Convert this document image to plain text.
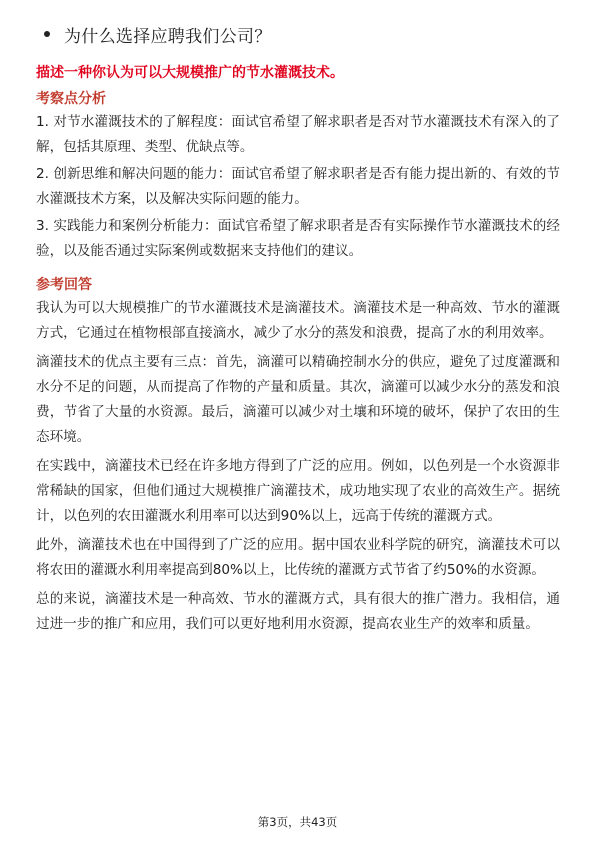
为什么选择应聘我们公司？
描述一种你认为可以大规模推广的节水灌溉技术。
考察点分析

1. 对节水灌溉技术的了解程度：面试官希望了解求职者是否对节水灌溉技术有深入的了解，包括其原理、类型、优缺点等。

2. 创新思维和解决问题的能力：面试官希望了解求职者是否有能力提出新的、有效的节水灌溉技术方案，以及解决实际问题的能力。

3. 实践能力和案例分析能力：面试官希望了解求职者是否有实际操作节水灌溉技术的经验，以及能否通过实际案例或数据来支持他们的建议。

参考回答

我认为可以大规模推广的节水灌溉技术是滴灌技术。滴灌技术是一种高效、节水的灌溉方式，它通过在植物根部直接滴水，减少了水分的蒸发和浪费，提高了水的利用效率。

滴灌技术的优点主要有三点：首先，滴灌可以精确控制水分的供应，避免了过度灌溉和水分不足的问题，从而提高了作物的产量和质量。其次，滴灌可以减少水分的蒸发和浪费，节省了大量的水资源。最后，滴灌可以减少对土壤和环境的破坏，保护了农田的生态环境。

在实践中，滴灌技术已经在许多地方得到了广泛的应用。例如，以色列是一个水资源非常稀缺的国家，但他们通过大规模推广滴灌技术，成功地实现了农业的高效生产。据统计，以色列的农田灌溉水利用率可以达到90%以上，远高于传统的灌溉方式。

此外，滴灌技术也在中国得到了广泛的应用。据中国农业科学院的研究，滴灌技术可以将农田的灌溉水利用率提高到80%以上，比传统的灌溉方式节省了约50%的水资源。

总的来说，滴灌技术是一种高效、节水的灌溉方式，具有很大的推广潜力。我相信，通过进一步的推广和应用，我们可以更好地利用水资源，提高农业生产的效率和质量。

第3页，共43页
